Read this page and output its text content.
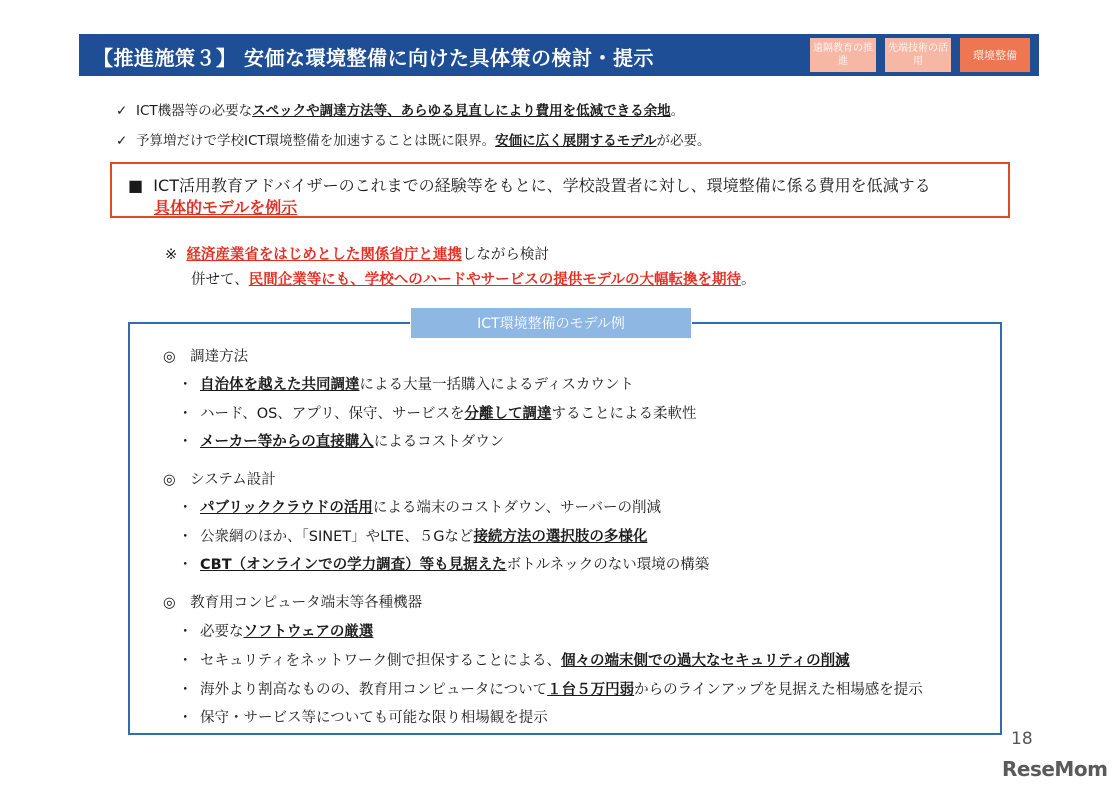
【推進施策３】 安価な環境整備に向けた具体策の検討・提示	遠隔教育の推進
先端技術の活用	環境整備
✓ ICT機器等の必要なスペックや調達方法等、あらゆる見直しにより費用を低減できる余地。
✓ 予算増だけで学校ICT環境整備を加速することは既に限界。安価に広く展開するモデルが必要。
■ ICT活用教育アドバイザーのこれまでの経験等をもとに、学校設置者に対し、環境整備に係る費用を低減する
具体的モデルを例示
※ 経済産業省をはじめとした関係省庁と連携しながら検討
併せて、民間企業等にも、学校へのハードやサービスの提供モデルの大幅転換を期待。
ICT環境整備のモデル例
◎　調達方法
・ 自治体を越えた共同調達による大量一括購入によるディスカウント
・ ハード、OS、アプリ、保守、サービスを分離して調達することによる柔軟性
・ メーカー等からの直接購入によるコストダウン
◎　システム設計
・ パブリッククラウドの活用による端末のコストダウン、サーバーの削減
・ 公衆網のほか、「SINET」やLTE、５Gなど接続方法の選択肢の多様化
・ CBT（オンラインでの学力調査）等も見据えたボトルネックのない環境の構築
◎　教育用コンピュータ端末等各種機器
・ 必要なソフトウェアの厳選
・ セキュリティをネットワーク側で担保することによる、個々の端末側での過大なセキュリティの削減
・ 海外より割高なものの、教育用コンピュータについて１台５万円弱からのラインアップを見据えた相場感を提示
・ 保守・サービス等についても可能な限り相場観を提示
18
ReseMom
